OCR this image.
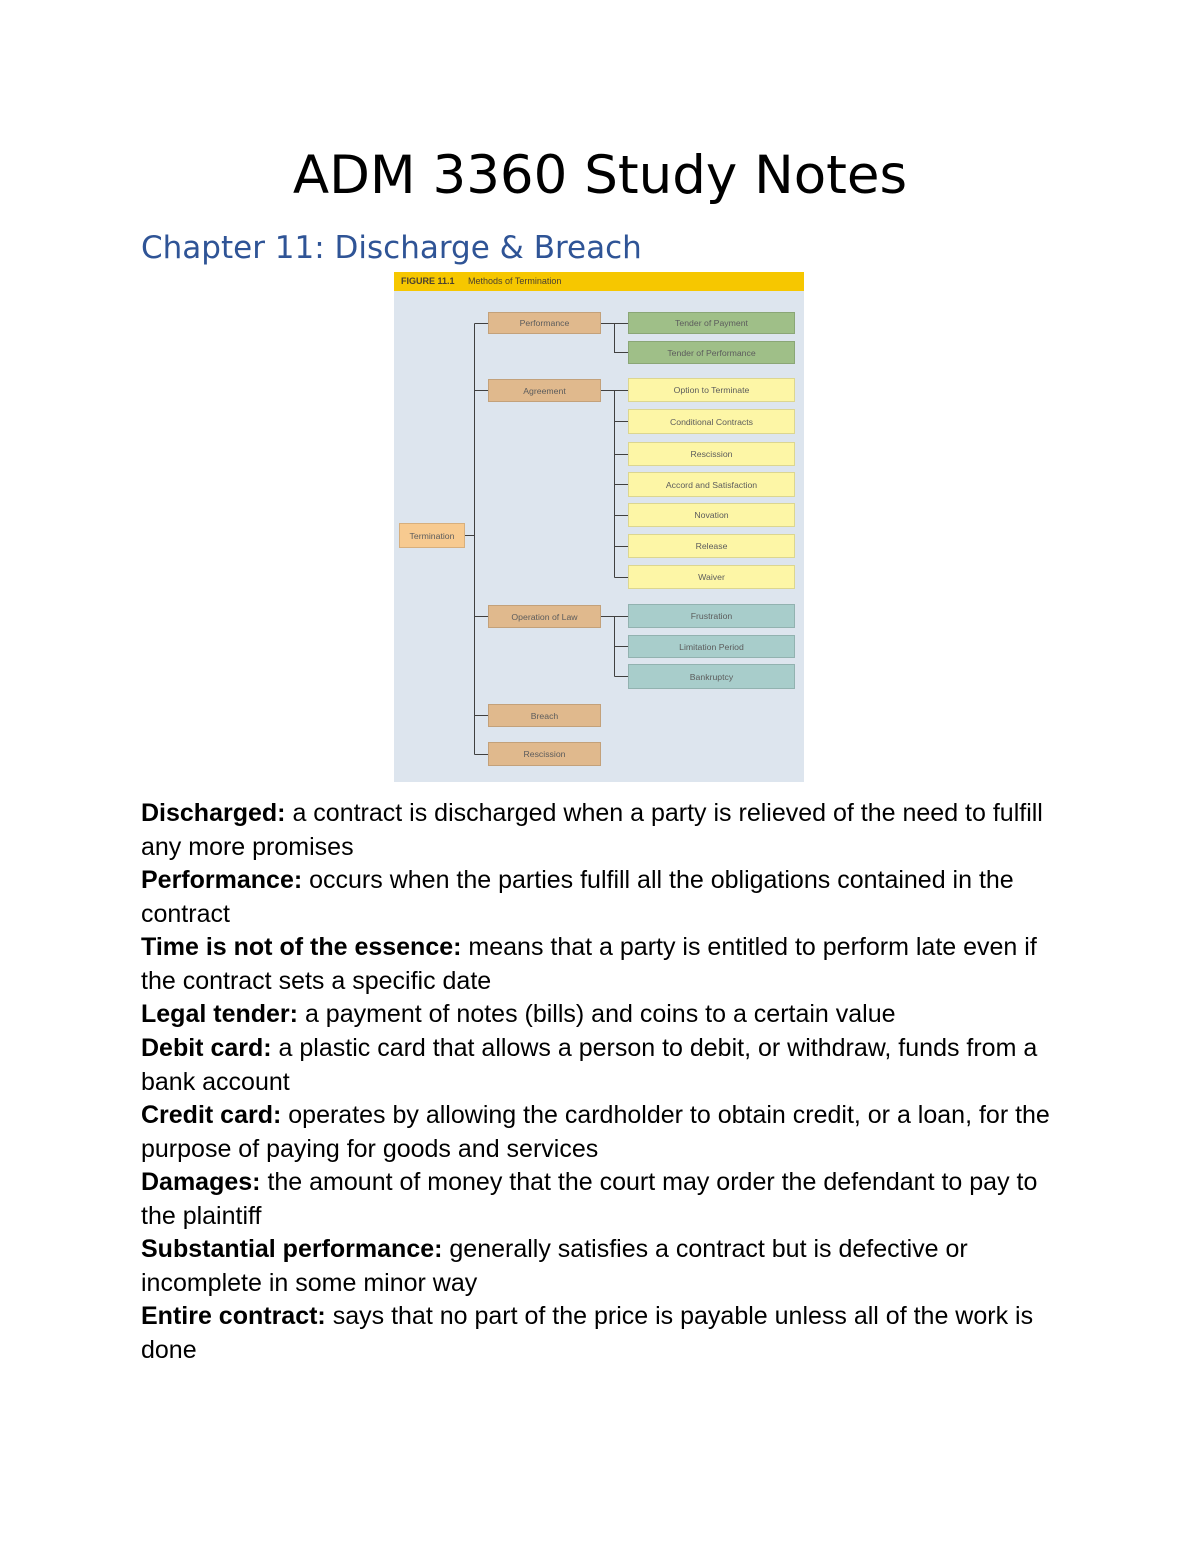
ADM 3360 Study Notes
Chapter 11: Discharge & Breach
FIGURE 11.1 Methods of Termination
Termination
Performance
Agreement
Operation of Law
Breach
Rescission
Tender of Payment
Tender of Performance
Option to Terminate
Conditional Contracts
Rescission
Accord and Satisfaction
Novation
Release
Waiver
Frustration
Limitation Period
Bankruptcy
Discharged: a contract is discharged when a party is relieved of the need to fulfill
any more promises
Performance: occurs when the parties fulfill all the obligations contained in the
contract
Time is not of the essence: means that a party is entitled to perform late even if
the contract sets a specific date
Legal tender: a payment of notes (bills) and coins to a certain value
Debit card: a plastic card that allows a person to debit, or withdraw, funds from a
bank account
Credit card: operates by allowing the cardholder to obtain credit, or a loan, for the
purpose of paying for goods and services
Damages: the amount of money that the court may order the defendant to pay to
the plaintiff
Substantial performance: generally satisfies a contract but is defective or
incomplete in some minor way
Entire contract: says that no part of the price is payable unless all of the work is
done
